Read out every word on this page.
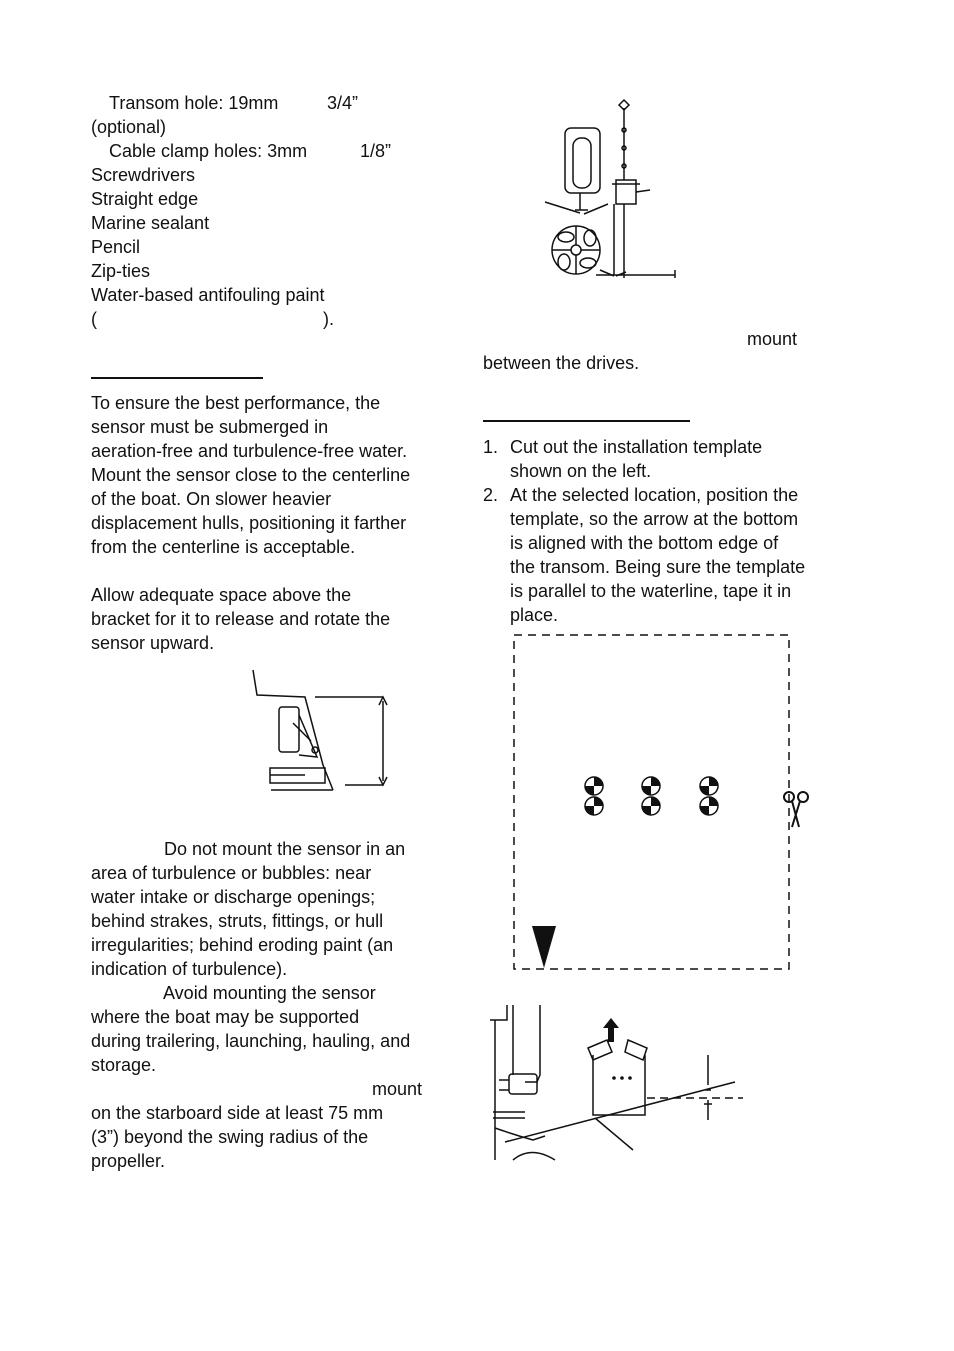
Transom hole: 19mm	3/4”
(optional)
Cable clamp holes: 3mm	1/8”
Screwdrivers
Straight edge
Marine sealant
Pencil
Zip-ties
Water-based antifouling paint
(	).
To ensure the best performance, the
sensor must be submerged in
aeration-free and turbulence-free water.
Mount the sensor close to the centerline
of the boat. On slower heavier
displacement hulls, positioning it farther
from the centerline is acceptable.
Allow adequate space above the
bracket for it to release and rotate the
sensor upward.
Do not mount the sensor in an
area of turbulence or bubbles: near
water intake or discharge openings;
behind strakes, struts, fittings, or hull
irregularities; behind eroding paint (an
indication of turbulence).
Avoid mounting the sensor
where the boat may be supported
during trailering, launching, hauling, and
storage.
mount
on the starboard side at least 75 mm
(3”) beyond the swing radius of the
propeller.
mount
between the drives.
1. Cut out the installation template
shown on the left.
2. At the selected location, position the
template, so the arrow at the bottom
is aligned with the bottom edge of
the transom. Being sure the template
is parallel to the waterline, tape it in
place.
